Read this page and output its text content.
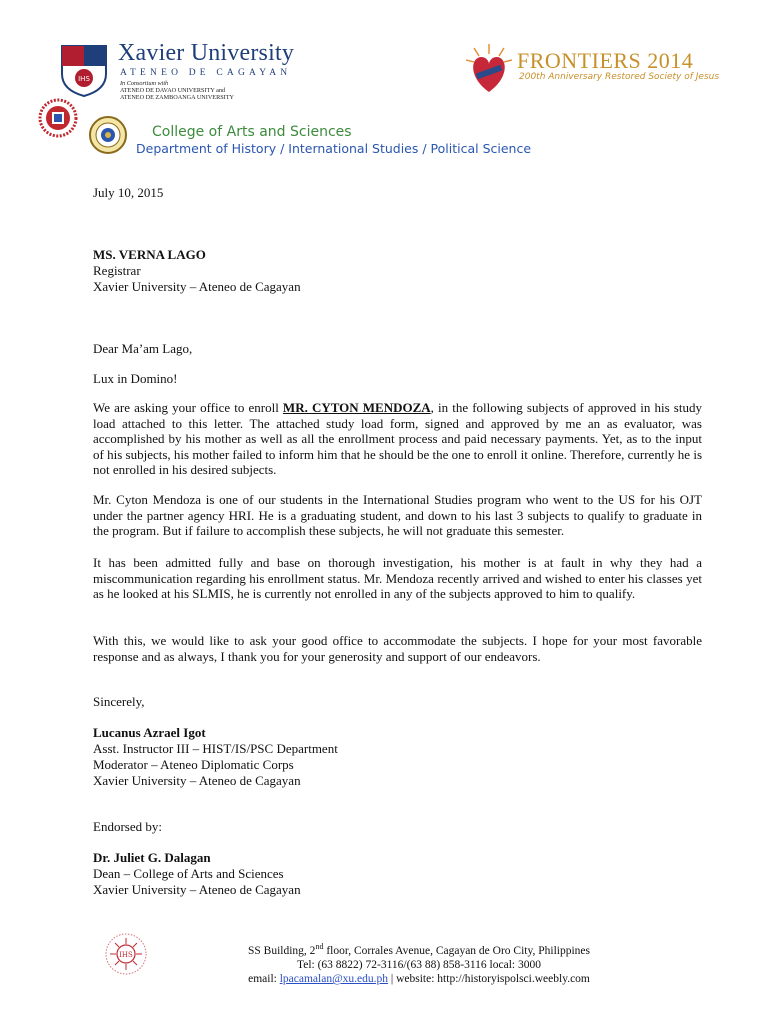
IHS
Xavier University
ATENEO DE CAGAYAN
In Consortium with
ATENEO DE DAVAO UNIVERSITY and
ATENEO DE ZAMBOANGA UNIVERSITY
FRONTIERS 2014
200th Anniversary Restored Society of Jesus
College of Arts and Sciences
Department of History / International Studies / Political Science
July 10, 2015
MS. VERNA LAGO
Registrar
Xavier University – Ateneo de Cagayan
Dear Ma’am Lago,
Lux in Domino!
We are asking your office to enroll MR. CYTON MENDOZA, in the following subjects of approved in his study load attached to this letter. The attached study load form, signed and approved by me an as evaluator, was accomplished by his mother as well as all the enrollment process and paid necessary payments. Yet, as to the input of his subjects, his mother failed to inform him that he should be the one to enroll it online. Therefore, currently he is not enrolled in his desired subjects.
Mr. Cyton Mendoza is one of our students in the International Studies program who went to the US for his OJT under the partner agency HRI. He is a graduating student, and down to his last 3 subjects to qualify to graduate in the program. But if failure to accomplish these subjects, he will not graduate this semester.
It has been admitted fully and base on thorough investigation, his mother is at fault in why they had a miscommunication regarding his enrollment status. Mr. Mendoza recently arrived and wished to enter his classes yet as he looked at his SLMIS, he is currently not enrolled in any of the subjects approved to him to qualify.
With this, we would like to ask your good office to accommodate the subjects. I hope for your most favorable response and as always, I thank you for your generosity and support of our endeavors.
Sincerely,
Lucanus Azrael Igot
Asst. Instructor III – HIST/IS/PSC Department
Moderator – Ateneo Diplomatic Corps
Xavier University – Ateneo de Cagayan
Endorsed by:
Dr. Juliet G. Dalagan
Dean – College of Arts and Sciences
Xavier University – Ateneo de Cagayan
IHS	SS Building, 2nd floor, Corrales Avenue, Cagayan de Oro City, Philippines
Tel: (63 8822) 72-3116/(63 88) 858-3116 local: 3000
email: lpacamalan@xu.edu.ph | website: http://historyispolsci.weebly.com
